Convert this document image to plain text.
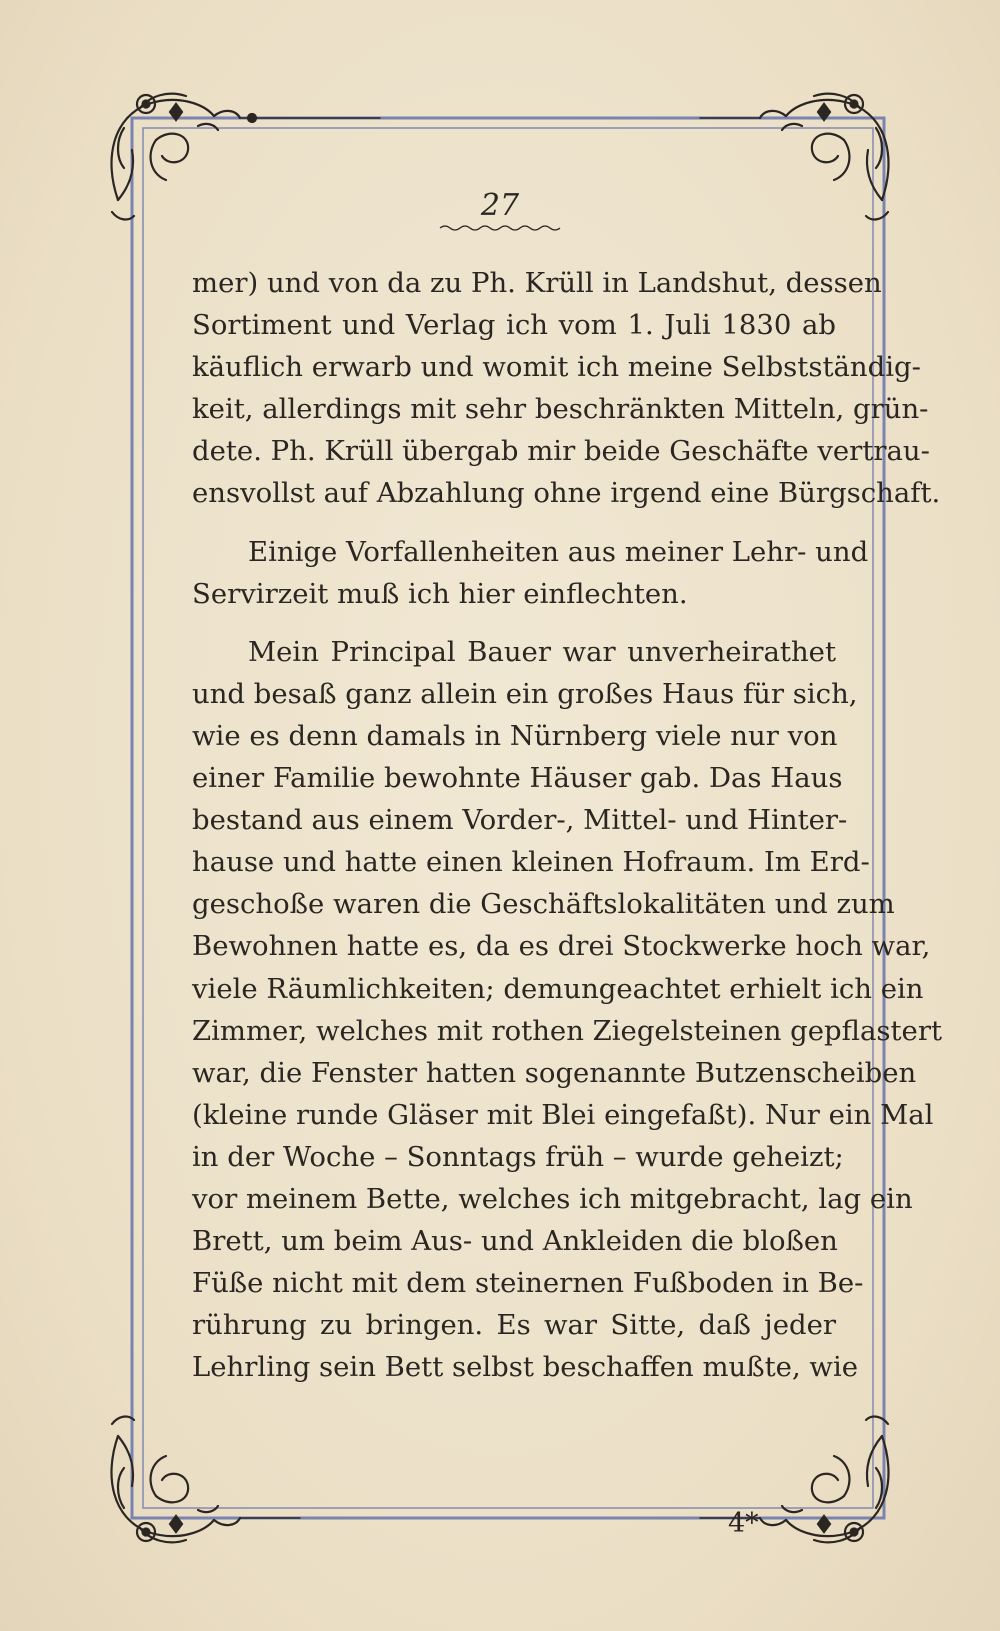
27
mer) und von da zu Ph. Krüll in Landshut, dessen
Sortiment und Verlag ich vom 1. Juli 1830 ab
käuflich erwarb und womit ich meine Selbstständig-
keit, allerdings mit sehr beschränkten Mitteln, grün-
dete. Ph. Krüll übergab mir beide Geschäfte vertrau-
ensvollst auf Abzahlung ohne irgend eine Bürgschaft.
Einige Vorfallenheiten aus meiner Lehr- und
Servirzeit muß ich hier einflechten.
Mein Principal Bauer war unverheirathet
und besaß ganz allein ein großes Haus für sich,
wie es denn damals in Nürnberg viele nur von
einer Familie bewohnte Häuser gab. Das Haus
bestand aus einem Vorder-, Mittel- und Hinter-
hause und hatte einen kleinen Hofraum. Im Erd-
geschoße waren die Geschäftslokalitäten und zum
Bewohnen hatte es, da es drei Stockwerke hoch war,
viele Räumlichkeiten; demungeachtet erhielt ich ein
Zimmer, welches mit rothen Ziegelsteinen gepflastert
war, die Fenster hatten sogenannte Butzenscheiben
(kleine runde Gläser mit Blei eingefaßt). Nur ein Mal
in der Woche – Sonntags früh – wurde geheizt;
vor meinem Bette, welches ich mitgebracht, lag ein
Brett, um beim Aus- und Ankleiden die bloßen
Füße nicht mit dem steinernen Fußboden in Be-
rührung zu bringen. Es war Sitte, daß jeder
Lehrling sein Bett selbst beschaffen mußte, wie
4*
